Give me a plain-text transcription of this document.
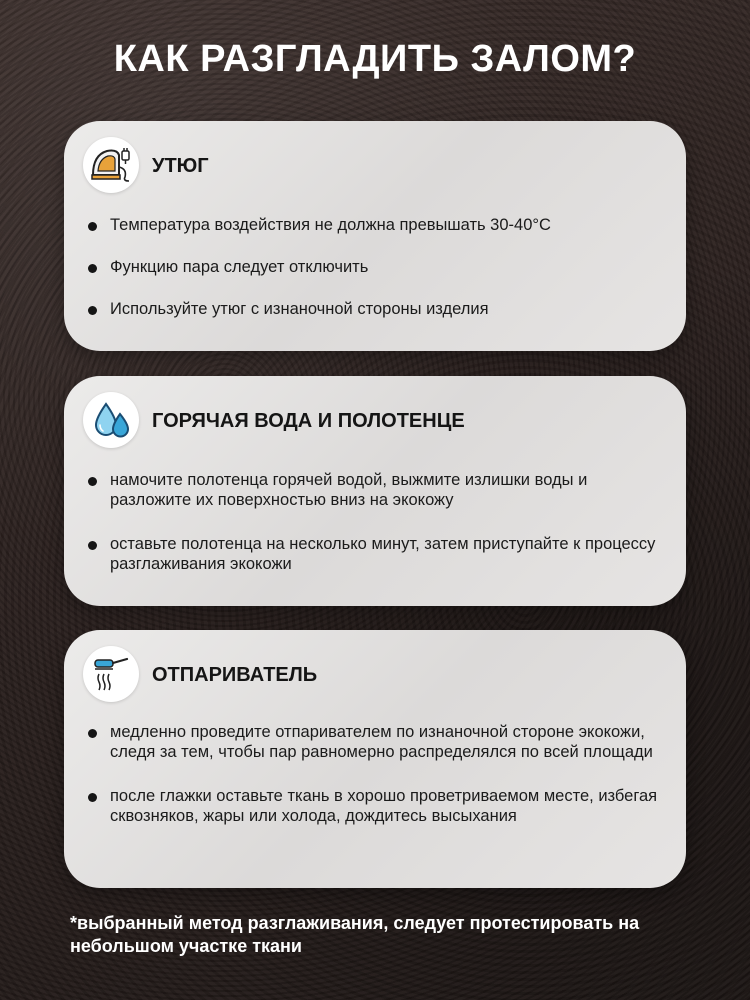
КАК РАЗГЛАДИТЬ ЗАЛОМ?
УТЮГ
Температура воздействия не должна превышать 30-40°C
Функцию пара следует отключить
Используйте утюг с изнаночной стороны изделия
ГОРЯЧАЯ ВОДА И ПОЛОТЕНЦЕ
намочите полотенца горячей водой, выжмите излишки воды и разложите их поверхностью вниз на экокожу
оставьте полотенца на несколько минут, затем приступайте к процессу разглаживания экокожи
ОТПАРИВАТЕЛЬ
медленно проведите отпаривателем по изнаночной стороне экокожи, следя за тем, чтобы пар равномерно распределялся по всей площади
после глажки оставьте ткань в хорошо проветриваемом месте, избегая сквозняков, жары или холода, дождитесь высыхания
*выбранный метод разглаживания, следует протестировать на небольшом участке ткани
